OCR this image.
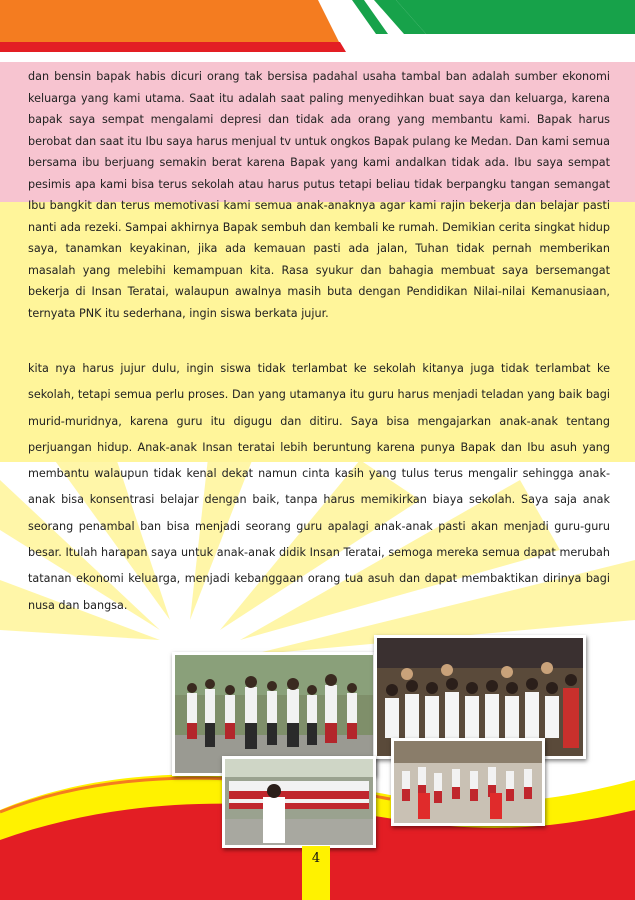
dan bensin bapak habis dicuri orang tak bersisa padahal usaha tambal ban adalah sumber ekonomi keluarga yang kami utama. Saat itu adalah saat paling menyedihkan buat saya dan keluarga, karena bapak saya sempat mengalami depresi dan tidak ada orang yang membantu kami. Bapak harus berobat dan saat itu Ibu saya harus menjual tv untuk ongkos Bapak pulang ke Medan. Dan kami semua bersama ibu berjuang semakin berat karena Bapak yang kami andalkan tidak ada. Ibu saya sempat pesimis apa kami bisa terus sekolah atau harus putus tetapi beliau tidak berpangku tangan semangat Ibu bangkit dan terus memotivasi kami semua anak-anaknya agar kami rajin bekerja dan belajar pasti nanti ada rezeki. Sampai akhirnya Bapak sembuh dan kembali ke rumah. Demikian cerita singkat hidup saya, tanamkan keyakinan, jika ada kemauan pasti ada jalan, Tuhan tidak pernah memberikan masalah yang melebihi kemampuan kita. Rasa syukur dan bahagia membuat saya bersemangat bekerja di Insan Teratai, walaupun awalnya masih buta dengan Pendidikan Nilai-nilai Kemanusiaan, ternyata PNK itu sederhana, ingin siswa berkata jujur.

kita nya harus jujur dulu, ingin siswa tidak terlambat ke sekolah kitanya juga tidak terlambat ke sekolah, tetapi semua perlu proses. Dan yang utamanya itu guru harus menjadi teladan yang baik bagi murid-muridnya, karena guru itu digugu dan ditiru. Saya bisa mengajarkan anak-anak tentang perjuangan hidup. Anak-anak Insan teratai lebih beruntung karena punya Bapak dan Ibu asuh yang membantu walaupun tidak kenal dekat namun cinta kasih yang tulus terus mengalir sehingga anak-anak bisa konsentrasi belajar dengan baik, tanpa harus memikirkan biaya sekolah. Saya saja anak seorang penambal ban bisa menjadi seorang guru apalagi anak-anak pasti akan menjadi guru-guru besar. Itulah harapan saya untuk anak-anak didik Insan Teratai, semoga mereka semua dapat merubah tatanan ekonomi keluarga, menjadi kebanggaan orang tua asuh dan dapat membaktikan dirinya bagi nusa dan bangsa.

4
